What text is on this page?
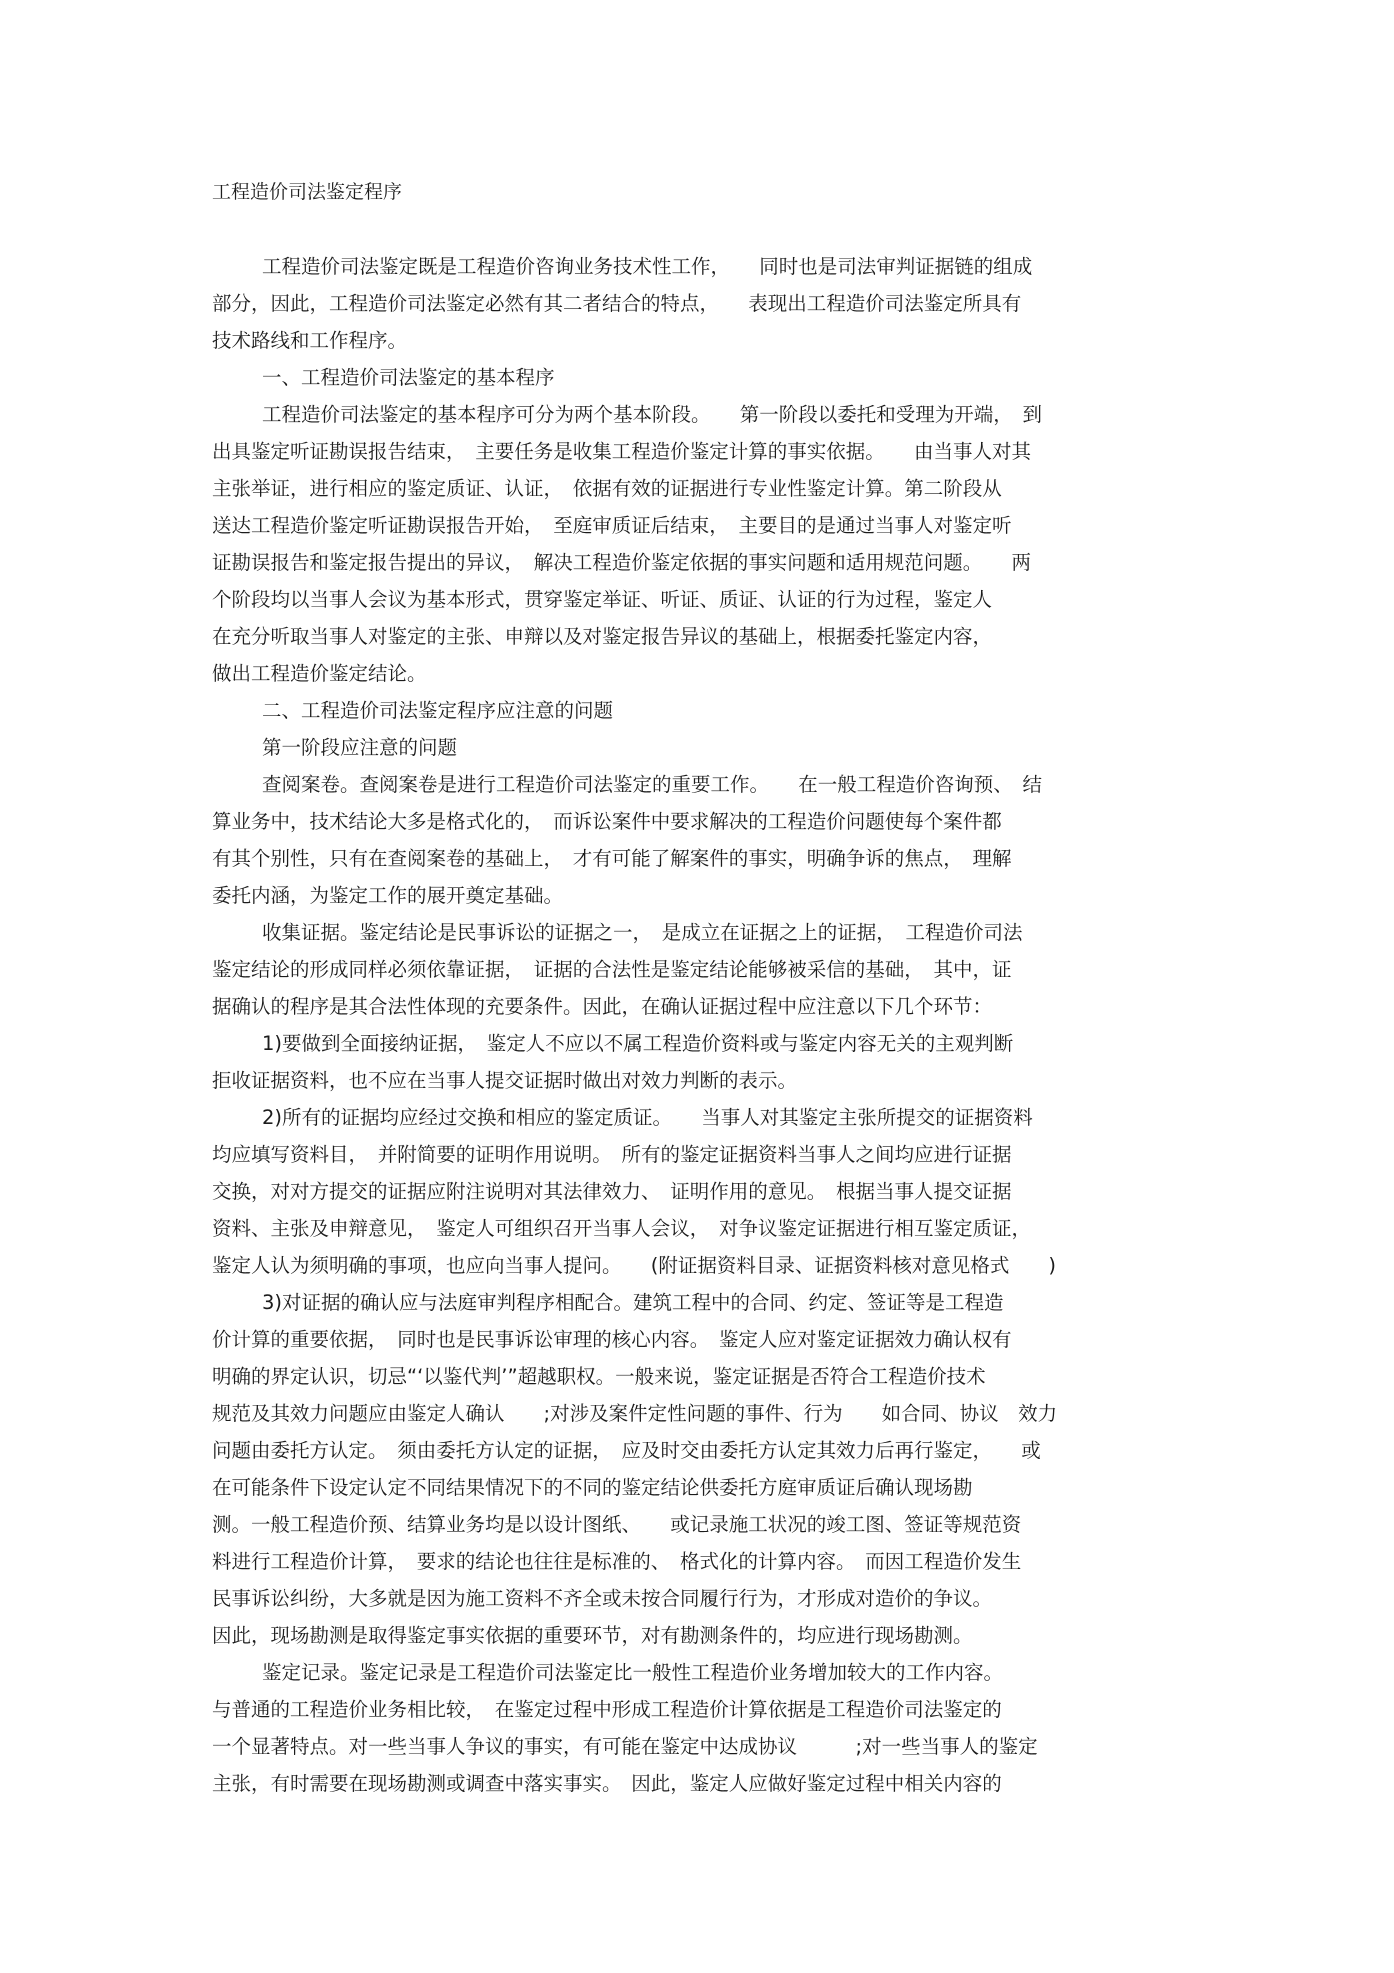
工程造价司法鉴定程序
工程造价司法鉴定既是工程造价咨询业务技术性工作，　　同时也是司法审判证据链的组成
部分，因此，工程造价司法鉴定必然有其二者结合的特点，　　表现出工程造价司法鉴定所具有
技术路线和工作程序。
一、工程造价司法鉴定的基本程序
工程造价司法鉴定的基本程序可分为两个基本阶段。　　第一阶段以委托和受理为开端，　到
出具鉴定听证勘误报告结束，　主要任务是收集工程造价鉴定计算的事实依据。　　由当事人对其
主张举证，进行相应的鉴定质证、认证，　依据有效的证据进行专业性鉴定计算。第二阶段从
送达工程造价鉴定听证勘误报告开始，　至庭审质证后结束，　主要目的是通过当事人对鉴定听
证勘误报告和鉴定报告提出的异议，　解决工程造价鉴定依据的事实问题和适用规范问题。　　两
个阶段均以当事人会议为基本形式，贯穿鉴定举证、听证、质证、认证的行为过程，鉴定人
在充分听取当事人对鉴定的主张、申辩以及对鉴定报告异议的基础上，根据委托鉴定内容，
做出工程造价鉴定结论。
二、工程造价司法鉴定程序应注意的问题
第一阶段应注意的问题
查阅案卷。查阅案卷是进行工程造价司法鉴定的重要工作。　　在一般工程造价咨询预、　结
算业务中，技术结论大多是格式化的，　而诉讼案件中要求解决的工程造价问题使每个案件都
有其个别性，只有在查阅案卷的基础上，　才有可能了解案件的事实，明确争诉的焦点，　理解
委托内涵，为鉴定工作的展开奠定基础。
收集证据。鉴定结论是民事诉讼的证据之一，　是成立在证据之上的证据，　工程造价司法
鉴定结论的形成同样必须依靠证据，　证据的合法性是鉴定结论能够被采信的基础，　其中，证
据确认的程序是其合法性体现的充要条件。因此，在确认证据过程中应注意以下几个环节：
1)要做到全面接纳证据，　鉴定人不应以不属工程造价资料或与鉴定内容无关的主观判断
拒收证据资料，也不应在当事人提交证据时做出对效力判断的表示。
2)所有的证据均应经过交换和相应的鉴定质证。　　当事人对其鉴定主张所提交的证据资料
均应填写资料目，　并附简要的证明作用说明。　所有的鉴定证据资料当事人之间均应进行证据
交换，对对方提交的证据应附注说明对其法律效力、　证明作用的意见。　根据当事人提交证据
资料、主张及申辩意见，　鉴定人可组织召开当事人会议，　对争议鉴定证据进行相互鉴定质证，
鉴定人认为须明确的事项，也应向当事人提问。　　(附证据资料目录、证据资料核对意见格式　　)
3)对证据的确认应与法庭审判程序相配合。建筑工程中的合同、约定、签证等是工程造
价计算的重要依据，　同时也是民事诉讼审理的核心内容。　鉴定人应对鉴定证据效力确认权有
明确的界定认识，切忌“‘以鉴代判’”超越职权。一般来说，鉴定证据是否符合工程造价技术
规范及其效力问题应由鉴定人确认　　;对涉及案件定性问题的事件、行为　　如合同、协议　效力
问题由委托方认定。　须由委托方认定的证据，　应及时交由委托方认定其效力后再行鉴定，　　或
在可能条件下设定认定不同结果情况下的不同的鉴定结论供委托方庭审质证后确认现场勘
测。一般工程造价预、结算业务均是以设计图纸、　　或记录施工状况的竣工图、签证等规范资
料进行工程造价计算，　要求的结论也往往是标准的、　格式化的计算内容。　而因工程造价发生
民事诉讼纠纷，大多就是因为施工资料不齐全或未按合同履行行为，才形成对造价的争议。
因此，现场勘测是取得鉴定事实依据的重要环节，对有勘测条件的，均应进行现场勘测。
鉴定记录。鉴定记录是工程造价司法鉴定比一般性工程造价业务增加较大的工作内容。
与普通的工程造价业务相比较，　在鉴定过程中形成工程造价计算依据是工程造价司法鉴定的
一个显著特点。对一些当事人争议的事实，有可能在鉴定中达成协议　　　;对一些当事人的鉴定
主张，有时需要在现场勘测或调查中落实事实。　因此，鉴定人应做好鉴定过程中相关内容的
